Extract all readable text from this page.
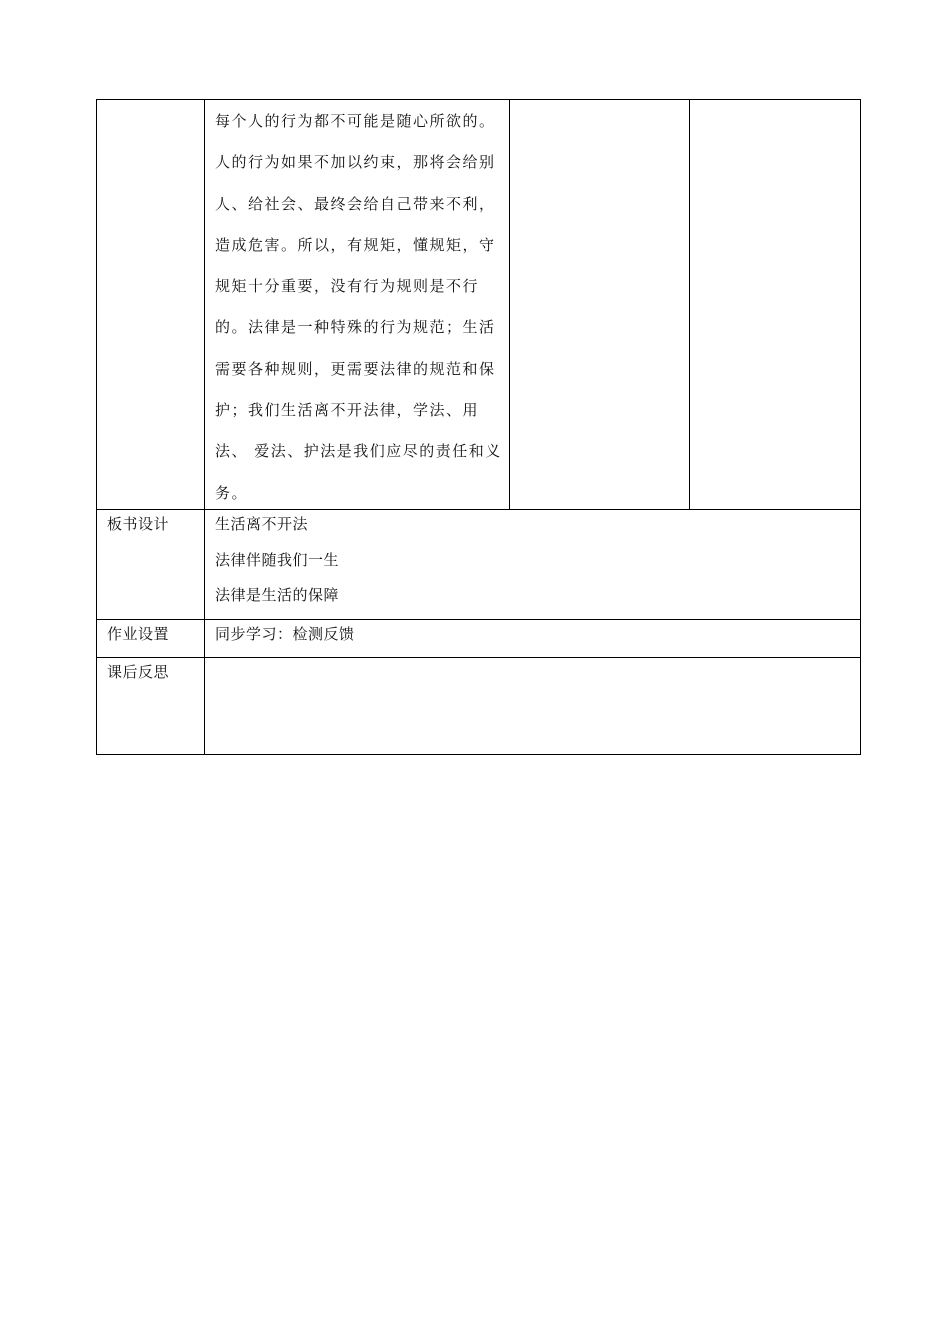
每个人的行为都不可能是随心所欲的。人的行为如果不加以约束，那将会给别人、给社会、最终会给自己带来不利，造成危害。所以，有规矩，懂规矩，守规矩十分重要，没有行为规则是不行的。法律是一种特殊的行为规范；生活需要各种规则，更需要法律的规范和保护；我们生活离不开法律，学法、用法、 爱法、护法是我们应尽的责任和义务。

板书设计	生活离不开法
法律伴随我们一生
法律是生活的保障
作业设置	同步学习：检测反馈
课后反思
